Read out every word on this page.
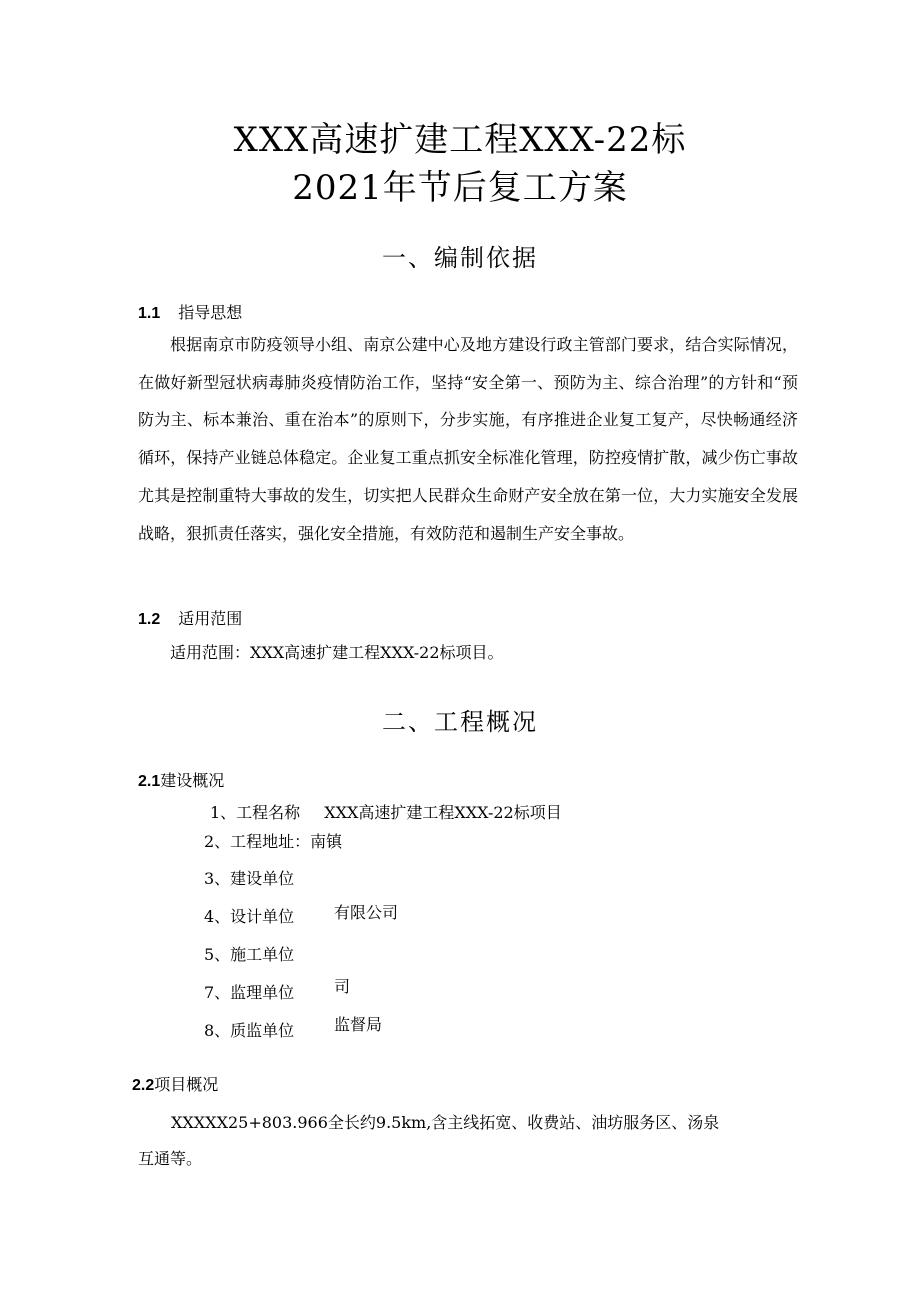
XXX高速扩建工程XXX-22标
2021年节后复工方案
一、编制依据
1.1 指导思想
根据南京市防疫领导小组、南京公建中心及地方建设行政主管部门要求，结合实际情况，在做好新型冠状病毒肺炎疫情防治工作，坚持“安全第一、预防为主、综合治理”的方针和“预防为主、标本兼治、重在治本”的原则下，分步实施，有序推进企业复工复产，尽快畅通经济循环，保持产业链总体稳定。企业复工重点抓安全标准化管理，防控疫情扩散，减少伤亡事故尤其是控制重特大事故的发生，切实把人民群众生命财产安全放在第一位，大力实施安全发展战略，狠抓责任落实，强化安全措施，有效防范和遏制生产安全事故。
1.2 适用范围
适用范围：XXX高速扩建工程XXX-22标项目。
二、工程概况
2.1建设概况
1、工程名称 XXX高速扩建工程XXX-22标项目
2、工程地址：南镇
3、建设单位
4、设计单位 有限公司
5、施工单位
7、监理单位 司
8、质监单位 监督局
2.2项目概况
XXXXX25+803.966全长约9.5km,含主线拓宽、收费站、油坊服务区、汤泉
互通等。
